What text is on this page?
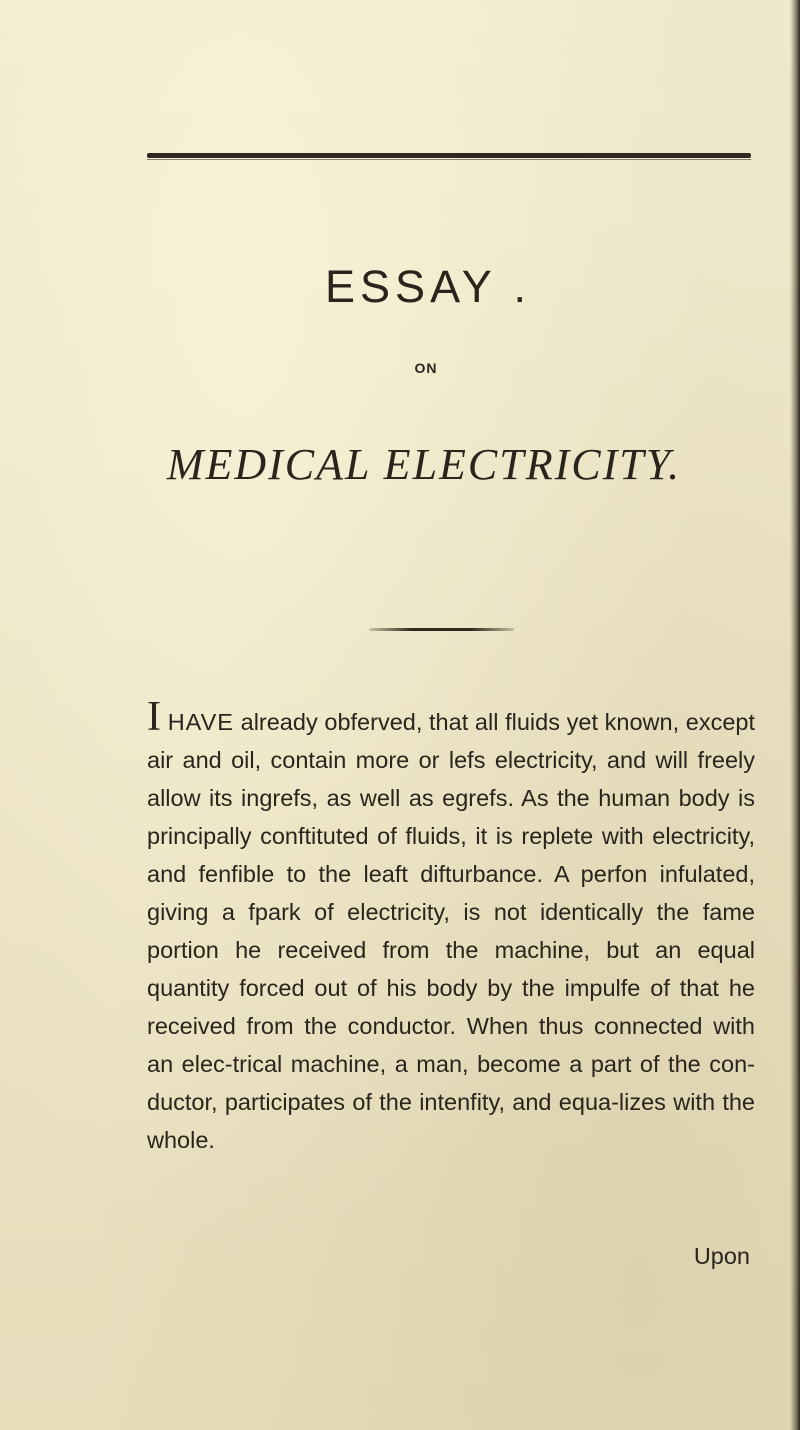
ESSAY .
ON
MEDICAL ELECTRICITY.

I HAVE already obferved, that all fluids yet known, except air and oil, contain more or lefs electricity, and will freely allow its ingrefs, as well as egrefs. As the human body is principally conftituted of fluids, it is replete with electricity, and fenfible to the leaft difturbance. A perfon infulated, giving a fpark of electricity, is not identically the fame portion he received from the machine, but an equal quantity forced out of his body by the impulfe of that he received from the conductor. When thus connected with an elec-trical machine, a man, become a part of the con-ductor, participates of the intenfity, and equa-lizes with the whole.

Upon
